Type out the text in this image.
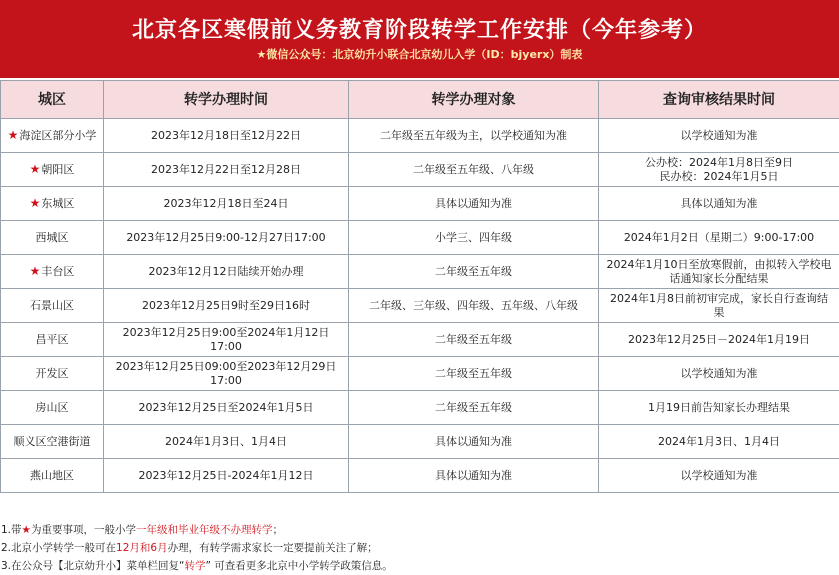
北京各区寒假前义务教育阶段转学工作安排（今年参考）
★微信公众号：北京幼升小联合北京幼儿入学（ID：bjyerx）制表
城区	转学办理时间	转学办理对象	查询审核结果时间
★海淀区部分小学	2023年12月18日至12月22日	二年级至五年级为主，以学校通知为准	以学校通知为准

★朝阳区	2023年12月22日至12月28日	二年级至五年级、八年级	公办校：2024年1月8日至9日
民办校：2024年1月5日

★东城区	2023年12月18日至24日	具体以通知为准	具体以通知为准

西城区	2023年12月25日9:00-12月27日17:00	小学三、四年级	2024年1月2日（星期二）9:00-17:00

★丰台区	2023年12月12日陆续开始办理	二年级至五年级	2024年1月10日至放寒假前，由拟转入学校电
话通知家长分配结果

石景山区	2023年12月25日9时至29日16时	二年级、三年级、四年级、五年级、八年级	2024年1月8日前初审完成，家长自行查询结
果

昌平区	2023年12月25日9:00至2024年1月12日17:00	二年级至五年级	2023年12月25日－2024年1月19日

开发区	2023年12月25日09:00至2023年12月29日
17:00	二年级至五年级	以学校通知为准

房山区	2023年12月25日至2024年1月5日	二年级至五年级	1月19日前告知家长办理结果

顺义区空港街道	2024年1月3日、1月4日	具体以通知为准	2024年1月3日、1月4日

燕山地区	2023年12月25日-2024年1月12日	具体以通知为准	以学校通知为准
1.带★为重要事项，一般小学一年级和毕业年级不办理转学；
2.北京小学转学一般可在12月和6月办理，有转学需求家长一定要提前关注了解；
3.在公众号【北京幼升小】菜单栏回复“转学” 可查看更多北京中小学转学政策信息。
